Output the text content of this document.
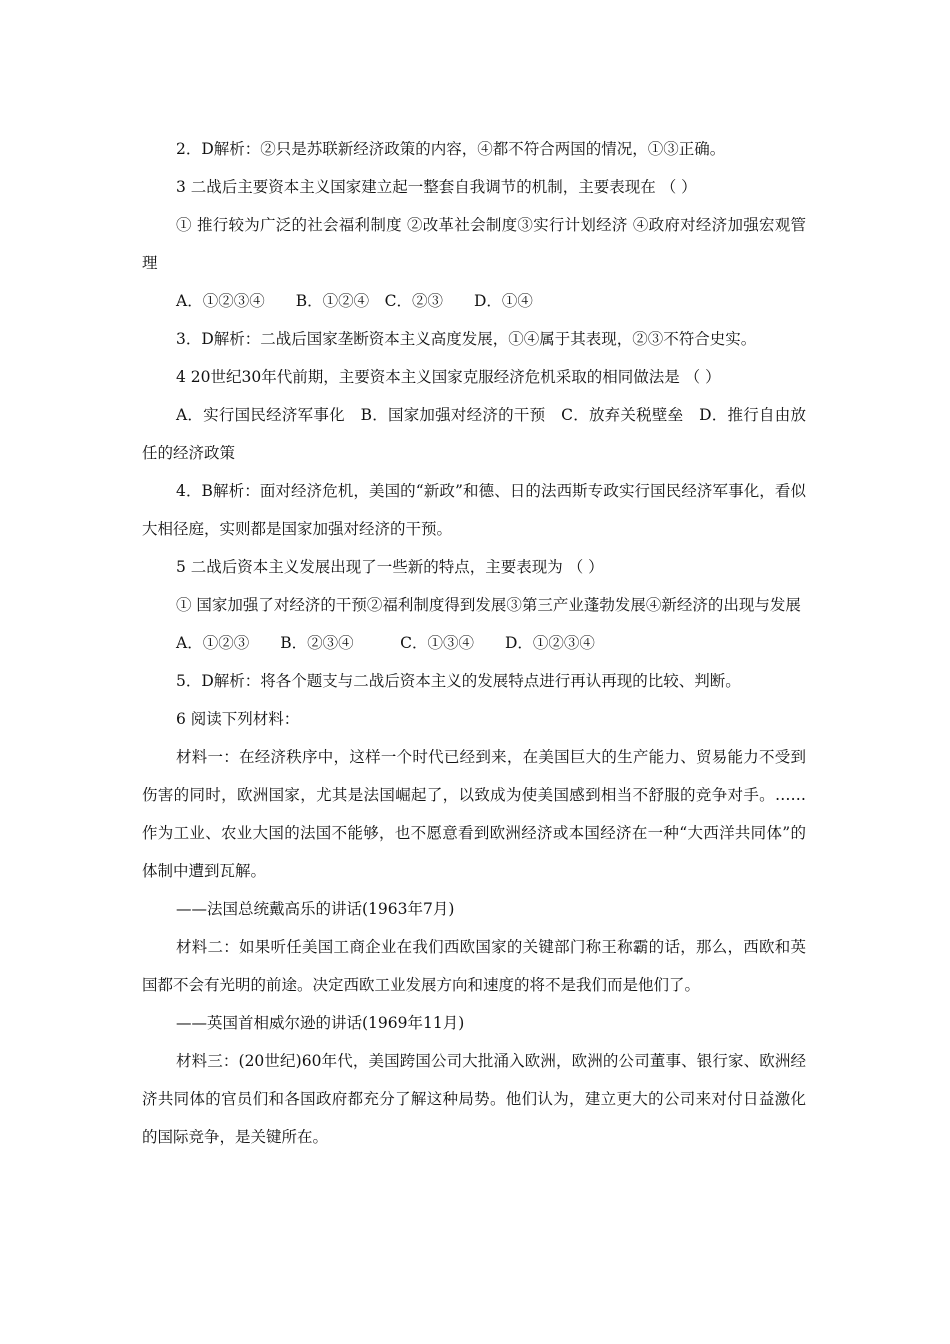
2．D解析：②只是苏联新经济政策的内容，④都不符合两国的情况，①③正确。

3 二战后主要资本主义国家建立起一整套自我调节的机制，主要表现在 （ ）

① 推行较为广泛的社会福利制度 ②改革社会制度③实行计划经济 ④政府对经济加强宏观管理

A．①②③④　　B．①②④　C．②③　　D．①④

3．D解析：二战后国家垄断资本主义高度发展，①④属于其表现，②③不符合史实。

4 20世纪30年代前期，主要资本主义国家克服经济危机采取的相同做法是 （ ）

A．实行国民经济军事化　B．国家加强对经济的干预　C．放弃关税壁垒　D．推行自由放任的经济政策

4．B解析：面对经济危机，美国的“新政”和德、日的法西斯专政实行国民经济军事化，看似大相径庭，实则都是国家加强对经济的干预。

5 二战后资本主义发展出现了一些新的特点，主要表现为 （ ）

① 国家加强了对经济的干预②福利制度得到发展③第三产业蓬勃发展④新经济的出现与发展

A．①②③　　B．②③④　　　C．①③④　　D．①②③④

5．D解析：将各个题支与二战后资本主义的发展特点进行再认再现的比较、判断。

6 阅读下列材料：

材料一：在经济秩序中，这样一个时代已经到来，在美国巨大的生产能力、贸易能力不受到伤害的同时，欧洲国家，尤其是法国崛起了，以致成为使美国感到相当不舒服的竞争对手。……作为工业、农业大国的法国不能够，也不愿意看到欧洲经济或本国经济在一种“大西洋共同体”的体制中遭到瓦解。

——法国总统戴高乐的讲话(1963年7月)

材料二：如果听任美国工商企业在我们西欧国家的关键部门称王称霸的话，那么，西欧和英国都不会有光明的前途。决定西欧工业发展方向和速度的将不是我们而是他们了。

——英国首相威尔逊的讲话(1969年11月)

材料三：(20世纪)60年代，美国跨国公司大批涌入欧洲，欧洲的公司董事、银行家、欧洲经济共同体的官员们和各国政府都充分了解这种局势。他们认为，建立更大的公司来对付日益激化的国际竞争，是关键所在。
